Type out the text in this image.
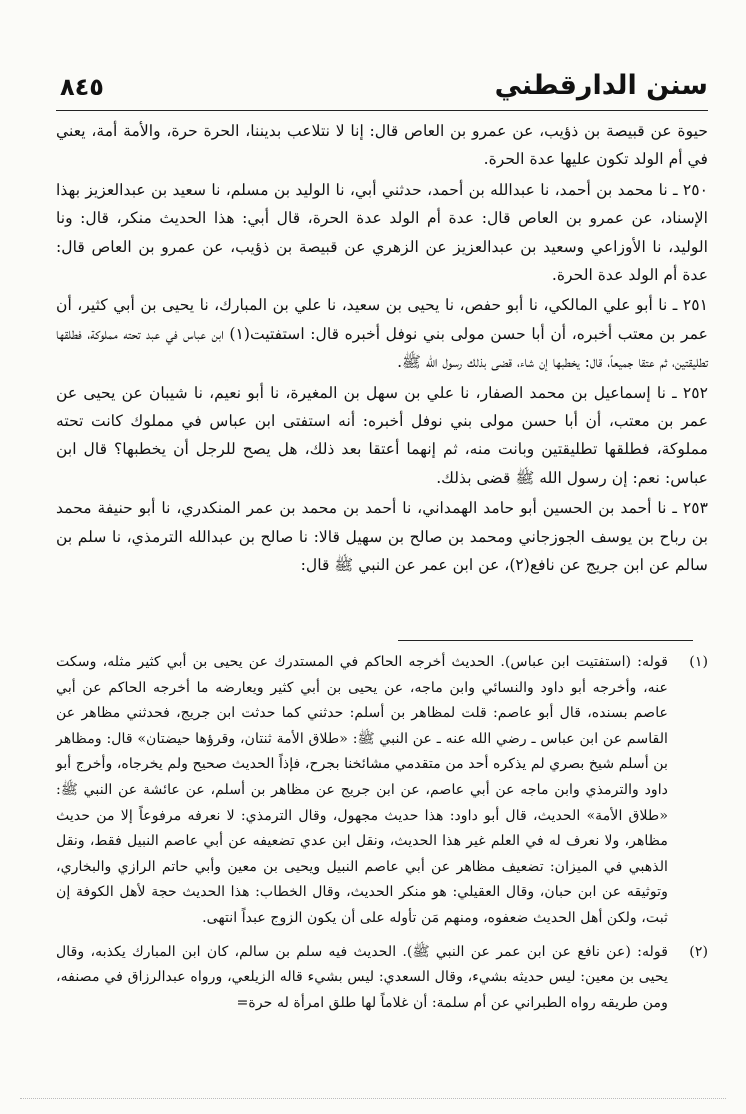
سنن الدارقطني
٨٤٥

حيوة عن قبيصة بن ذؤيب، عن عمرو بن العاص قال: إنا لا نتلاعب بديننا، الحرة حرة، والأمة أمة، يعني في أم الولد تكون عليها عدة الحرة.

٢٥٠ ـ نا محمد بن أحمد، نا عبدالله بن أحمد، حدثني أبي، نا الوليد بن مسلم، نا سعيد بن عبدالعزيز بهذا الإسناد، عن عمرو بن العاص قال: عدة أم الولد عدة الحرة، قال أبي: هذا الحديث منكر، قال: ونا الوليد، نا الأوزاعي وسعيد بن عبدالعزيز عن الزهري عن قبيصة بن ذؤيب، عن عمرو بن العاص قال: عدة أم الولد عدة الحرة.

٢٥١ ـ نا أبو علي المالكي، نا أبو حفص، نا يحيى بن سعيد، نا علي بن المبارك، نا يحيى بن أبي كثير، أن عمر بن معتب أخبره، أن أبا حسن مولى بني نوفل أخبره قال: استفتيت(١) ابن عباس في عبد تحته مملوكة، فطلقها تطليقتين، ثم عتقا جميعاً، قال: يخطبها إن شاء، قضى بذلك رسول الله ﷺ.

٢٥٢ ـ نا إسماعيل بن محمد الصفار، نا علي بن سهل بن المغيرة، نا أبو نعيم، نا شيبان عن يحيى عن عمر بن معتب، أن أبا حسن مولى بني نوفل أخبره: أنه استفتى ابن عباس في مملوك كانت تحته مملوكة، فطلقها تطليقتين وبانت منه، ثم إنهما أعتقا بعد ذلك، هل يصح للرجل أن يخطبها؟ قال ابن عباس: نعم: إن رسول الله ﷺ قضى بذلك.

٢٥٣ ـ نا أحمد بن الحسين أبو حامد الهمداني، نا أحمد بن محمد بن عمر المنكدري، نا أبو حنيفة محمد بن رباح بن يوسف الجوزجاني ومحمد بن صالح بن سهيل قالا: نا صالح بن عبدالله الترمذي، نا سلم بن سالم عن ابن جريج عن نافع(٢)، عن ابن عمر عن النبي ﷺ قال:

(١)
قوله: (استفتيت ابن عباس). الحديث أخرجه الحاكم في المستدرك عن يحيى بن أبي كثير مثله، وسكت عنه، وأخرجه أبو داود والنسائي وابن ماجه، عن يحيى بن أبي كثير ويعارضه ما أخرجه الحاكم عن أبي عاصم بسنده، قال أبو عاصم: قلت لمظاهر بن أسلم: حدثني كما حدثت ابن جريج، فحدثني مظاهر عن القاسم عن ابن عباس ـ رضي الله عنه ـ عن النبي ﷺ: «طلاق الأمة ثنتان، وقرؤها حيضتان» قال: ومظاهر بن أسلم شيخ بصري لم يذكره أحد من متقدمي مشائخنا بجرح، فإذاً الحديث صحيح ولم يخرجاه، وأخرج أبو داود والترمذي وابن ماجه عن أبي عاصم، عن ابن جريج عن مظاهر بن أسلم، عن عائشة عن النبي ﷺ: «طلاق الأمة» الحديث، قال أبو داود: هذا حديث مجهول، وقال الترمذي: لا نعرفه مرفوعاً إلا من حديث مظاهر، ولا نعرف له في العلم غير هذا الحديث، ونقل ابن عدي تضعيفه عن أبي عاصم النبيل فقط، ونقل الذهبي في الميزان: تضعيف مظاهر عن أبي عاصم النبيل ويحيى بن معين وأبي حاتم الرازي والبخاري، وتوثيقه عن ابن حبان، وقال العقيلي: هو منكر الحديث، وقال الخطاب: هذا الحديث حجة لأهل الكوفة إن ثبت، ولكن أهل الحديث ضعفوه، ومنهم مَن تأوله على أن يكون الزوج عبداً انتهى.
(٢)
قوله: (عن نافع عن ابن عمر عن النبي ﷺ). الحديث فيه سلم بن سالم، كان ابن المبارك يكذبه، وقال يحيى بن معين: ليس حديثه بشيء، وقال السعدي: ليس بشيء قاله الزيلعي، ورواه عبدالرزاق في مصنفه، ومن طريقه رواه الطبراني عن أم سلمة: أن غلاماً لها طلق امرأة له حرة=
